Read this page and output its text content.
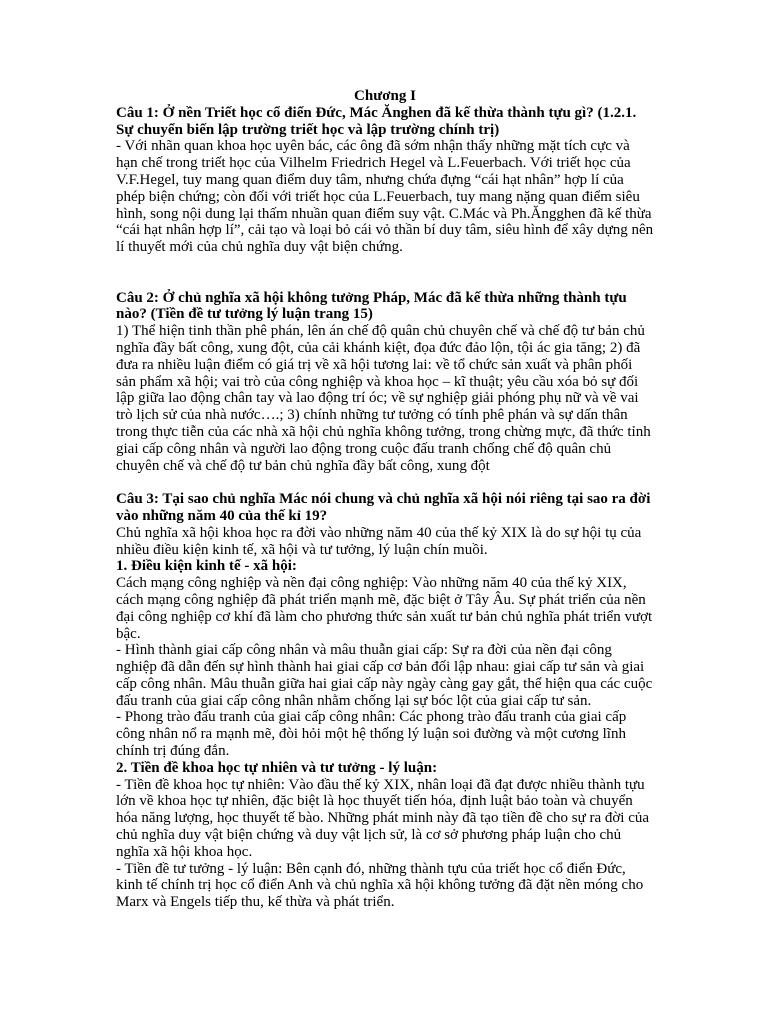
Chương I

Câu 1: Ở nền Triết học cổ điển Đức, Mác Ănghen đã kế thừa thành tựu gì? (1.2.1. Sự chuyển biến lập trường triết học và lập trường chính trị)

- Với nhãn quan khoa học uyên bác, các ông đã sớm nhận thấy những mặt tích cực và hạn chế trong triết học của Vilhelm Friedrich Hegel và L.Feuerbach. Với triết học của V.F.Hegel, tuy mang quan điểm duy tâm, nhưng chứa đựng “cái hạt nhân” hợp lí của phép biện chứng; còn đối với triết học của L.Feuerbach, tuy mang nặng quan điểm siêu hình, song nội dung lại thấm nhuần quan điểm suy vật. C.Mác và Ph.Ăngghen đã kế thừa “cái hạt nhân hợp lí”, cải tạo và loại bỏ cái vỏ thần bí duy tâm, siêu hình để xây dựng nên lí thuyết mới của chủ nghĩa duy vật biện chứng.

Câu 2: Ở chủ nghĩa xã hội không tưởng Pháp, Mác đã kế thừa những thành tựu nào? (Tiền đề tư tưởng lý luận trang 15)

1) Thể hiện tinh thần phê phán, lên án chế độ quân chủ chuyên chế và chế độ tư bản chủ nghĩa đầy bất công, xung đột, của cải khánh kiệt, đọa đức đảo lộn, tội ác gia tăng; 2) đã đưa ra nhiều luận điểm có giá trị về xã hội tương lai: về tổ chức sản xuất và phân phối sản phẩm xã hội; vai trò của công nghiệp và khoa học – kĩ thuật; yêu cầu xóa bỏ sự đối lập giữa lao động chân tay và lao động trí óc; về sự nghiệp giải phóng phụ nữ và về vai trò lịch sử của nhà nước….; 3) chính những tư tưởng có tính phê phán và sự dấn thân trong thực tiễn của các nhà xã hội chủ nghĩa không tưởng, trong chừng mực, đã thức tỉnh giai cấp công nhân và người lao động trong cuộc đấu tranh chống chế độ quân chủ chuyên chế và chế độ tư bản chủ nghĩa đầy bất công, xung đột

Câu 3: Tại sao chủ nghĩa Mác nói chung và chủ nghĩa xã hội nói riêng tại sao ra đời vào những năm 40 của thế kỉ 19?

Chủ nghĩa xã hội khoa học ra đời vào những năm 40 của thế kỷ XIX là do sự hội tụ của nhiều điều kiện kinh tế, xã hội và tư tưởng, lý luận chín muồi.

1. Điều kiện kinh tế - xã hội:

Cách mạng công nghiệp và nền đại công nghiệp: Vào những năm 40 của thế kỷ XIX, cách mạng công nghiệp đã phát triển mạnh mẽ, đặc biệt ở Tây Âu. Sự phát triển của nền đại công nghiệp cơ khí đã làm cho phương thức sản xuất tư bản chủ nghĩa phát triển vượt bậc.

- Hình thành giai cấp công nhân và mâu thuẫn giai cấp: Sự ra đời của nền đại công nghiệp đã dẫn đến sự hình thành hai giai cấp cơ bản đối lập nhau: giai cấp tư sản và giai cấp công nhân. Mâu thuẫn giữa hai giai cấp này ngày càng gay gắt, thể hiện qua các cuộc đấu tranh của giai cấp công nhân nhằm chống lại sự bóc lột của giai cấp tư sản.

- Phong trào đấu tranh của giai cấp công nhân: Các phong trào đấu tranh của giai cấp công nhân nổ ra mạnh mẽ, đòi hỏi một hệ thống lý luận soi đường và một cương lĩnh chính trị đúng đắn.

2. Tiền đề khoa học tự nhiên và tư tưởng - lý luận:

- Tiền đề khoa học tự nhiên: Vào đầu thế kỷ XIX, nhân loại đã đạt được nhiều thành tựu lớn về khoa học tự nhiên, đặc biệt là học thuyết tiến hóa, định luật bảo toàn và chuyển hóa năng lượng, học thuyết tế bào. Những phát minh này đã tạo tiền đề cho sự ra đời của chủ nghĩa duy vật biện chứng và duy vật lịch sử, là cơ sở phương pháp luận cho chủ nghĩa xã hội khoa học.

- Tiền đề tư tưởng - lý luận: Bên cạnh đó, những thành tựu của triết học cổ điển Đức, kinh tế chính trị học cổ điển Anh và chủ nghĩa xã hội không tưởng đã đặt nền móng cho Marx và Engels tiếp thu, kế thừa và phát triển.
